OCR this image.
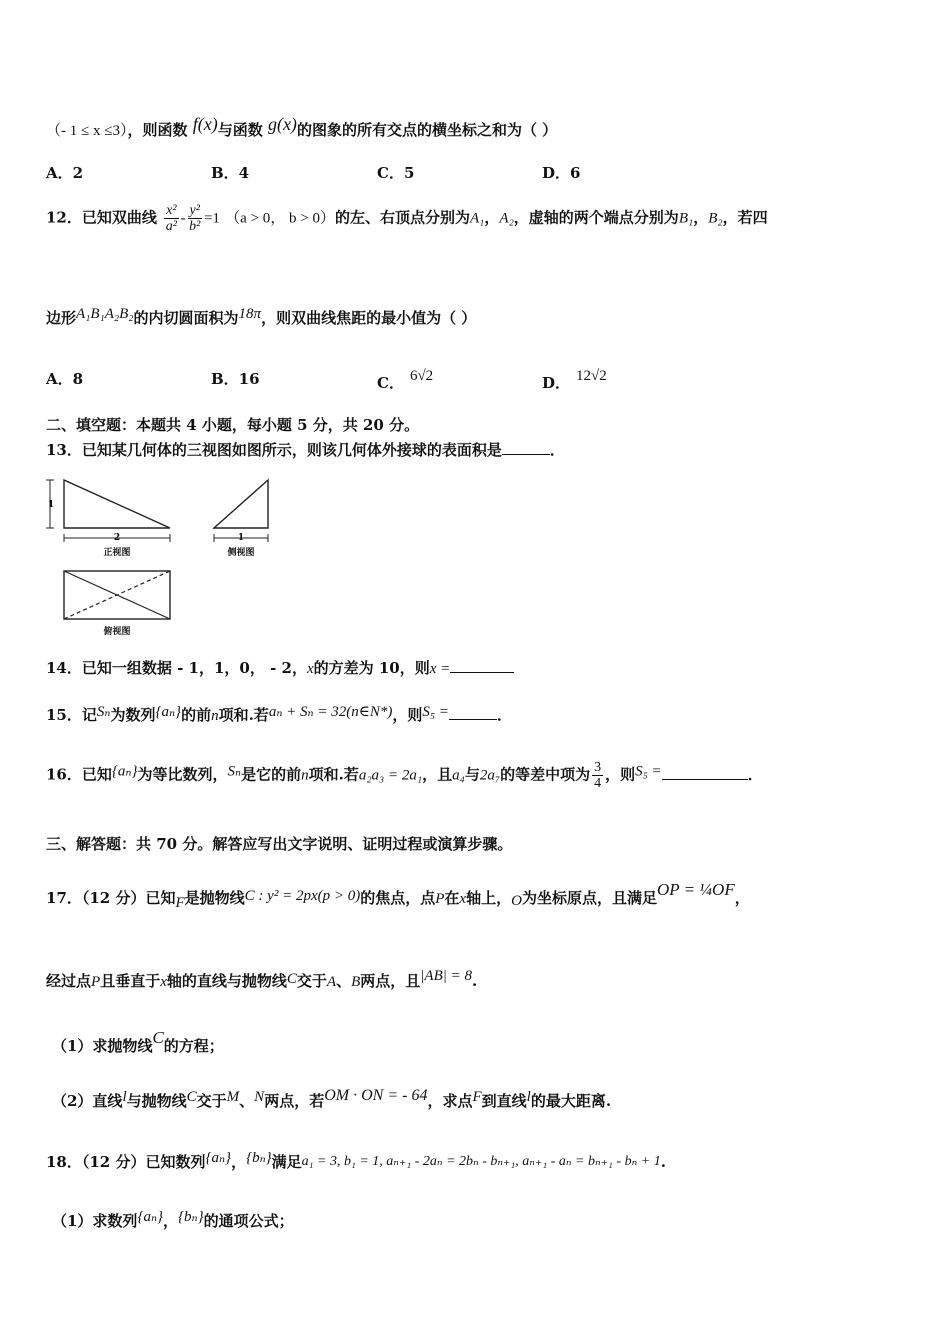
（- 1 ≤ x ≤3），则函数 f(x)与函数 g(x)的图象的所有交点的横坐标之和为（ ）
A．2	B．4	C．5	D．6
12．已知双曲线 $\frac{\text{x²}}{\text{a²}} - \frac{\text{y²}}{\text{b²}} =1$ （a > 0， b > 0）的左、右顶点分别为A₁，A₂，虚轴的两个端点分别为B₁，B₂，若四
边形A₁B₁A₂B₂的内切圆面积为18π，则双曲线焦距的最小值为（ ）
A．8	B．16	C． 6√2	D． 12√2
二、填空题：本题共 4 小题，每小题 5 分，共 20 分。
13．已知某几何体的三视图如图所示，则该几何体外接球的表面积是	．
1
2
正视图
1
侧视图
俯视图
14．已知一组数据 - 1，1，0， - 2，x的方差为 10，则x =
15．记Sₙ为数列{aₙ}的前n项和.若aₙ + Sₙ = 32(n∈N*)，则S₅ =	．
16．已知{aₙ}为等比数列，Sₙ是它的前n项和.若a₂a₃ = 2a₁，且a₄与2a₇的等差中项为 $\frac{3}{4}$ ，则S₅ =	．
三、解答题：共 70 分。解答应写出文字说明、证明过程或演算步骤。
17．（12 分）已知F是抛物线C : y² = 2px(p > 0)的焦点，点P在x轴上，O为坐标原点，且满足OP = ¼OF，
经过点P且垂直于x轴的直线与抛物线C交于A、B两点，且|AB| = 8.
（1）求抛物线C的方程；
（2）直线l与抛物线C交于M、N两点，若OM · ON = - 64，求点F到直线l的最大距离.
18．（12 分）已知数列{aₙ}，{bₙ}满足a₁ = 3, b₁ = 1, aₙ₊₁ - 2aₙ = 2bₙ - bₙ₊₁, aₙ₊₁ - aₙ = bₙ₊₁ - bₙ + 1.
（1）求数列{aₙ}，{bₙ}的通项公式；
